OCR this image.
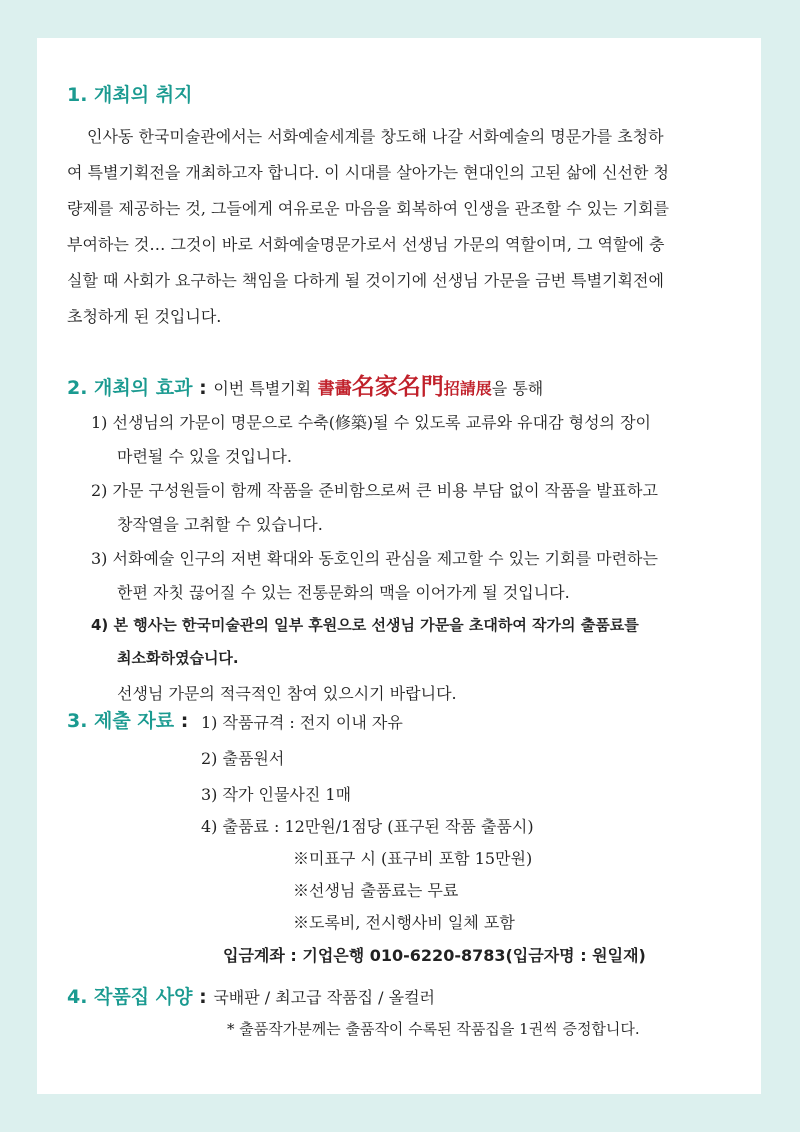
1. 개최의 취지
인사동 한국미술관에서는 서화예술세계를 창도해 나갈 서화예술의 명문가를 초청하
여 특별기획전을 개최하고자 합니다. 이 시대를 살아가는 현대인의 고된 삶에 신선한 청
량제를 제공하는 것, 그들에게 여유로운 마음을 회복하여 인생을 관조할 수 있는 기회를
부여하는 것… 그것이 바로 서화예술명문가로서 선생님 가문의 역할이며, 그 역할에 충
실할 때 사회가 요구하는 책임을 다하게 될 것이기에 선생님 가문을 금번 특별기획전에
초청하게 된 것입니다.
2. 개최의 효과 : 이번 특별기획 書畵名家名門招請展을 통해
1) 선생님의 가문이 명문으로 수축(修築)될 수 있도록 교류와 유대감 형성의 장이
마련될 수 있을 것입니다.
2) 가문 구성원들이 함께 작품을 준비함으로써 큰 비용 부담 없이 작품을 발표하고
창작열을 고취할 수 있습니다.
3) 서화예술 인구의 저변 확대와 동호인의 관심을 제고할 수 있는 기회를 마련하는
한편 자칫 끊어질 수 있는 전통문화의 맥을 이어가게 될 것입니다.
4) 본 행사는 한국미술관의 일부 후원으로 선생님 가문을 초대하여 작가의 출품료를
최소화하였습니다.
선생님 가문의 적극적인 참여 있으시기 바랍니다.
3. 제출 자료 : 1) 작품규격 : 전지 이내 자유
2) 출품원서
3) 작가 인물사진 1매
4) 출품료 : 12만원/1점당 (표구된 작품 출품시)
※미표구 시 (표구비 포함 15만원)
※선생님 출품료는 무료
※도록비, 전시행사비 일체 포함
입금계좌 : 기업은행 010-6220-8783(입금자명 : 원일재)
4. 작품집 사양 : 국배판 / 최고급 작품집 / 올컬러
* 출품작가분께는 출품작이 수록된 작품집을 1권씩 증정합니다.
